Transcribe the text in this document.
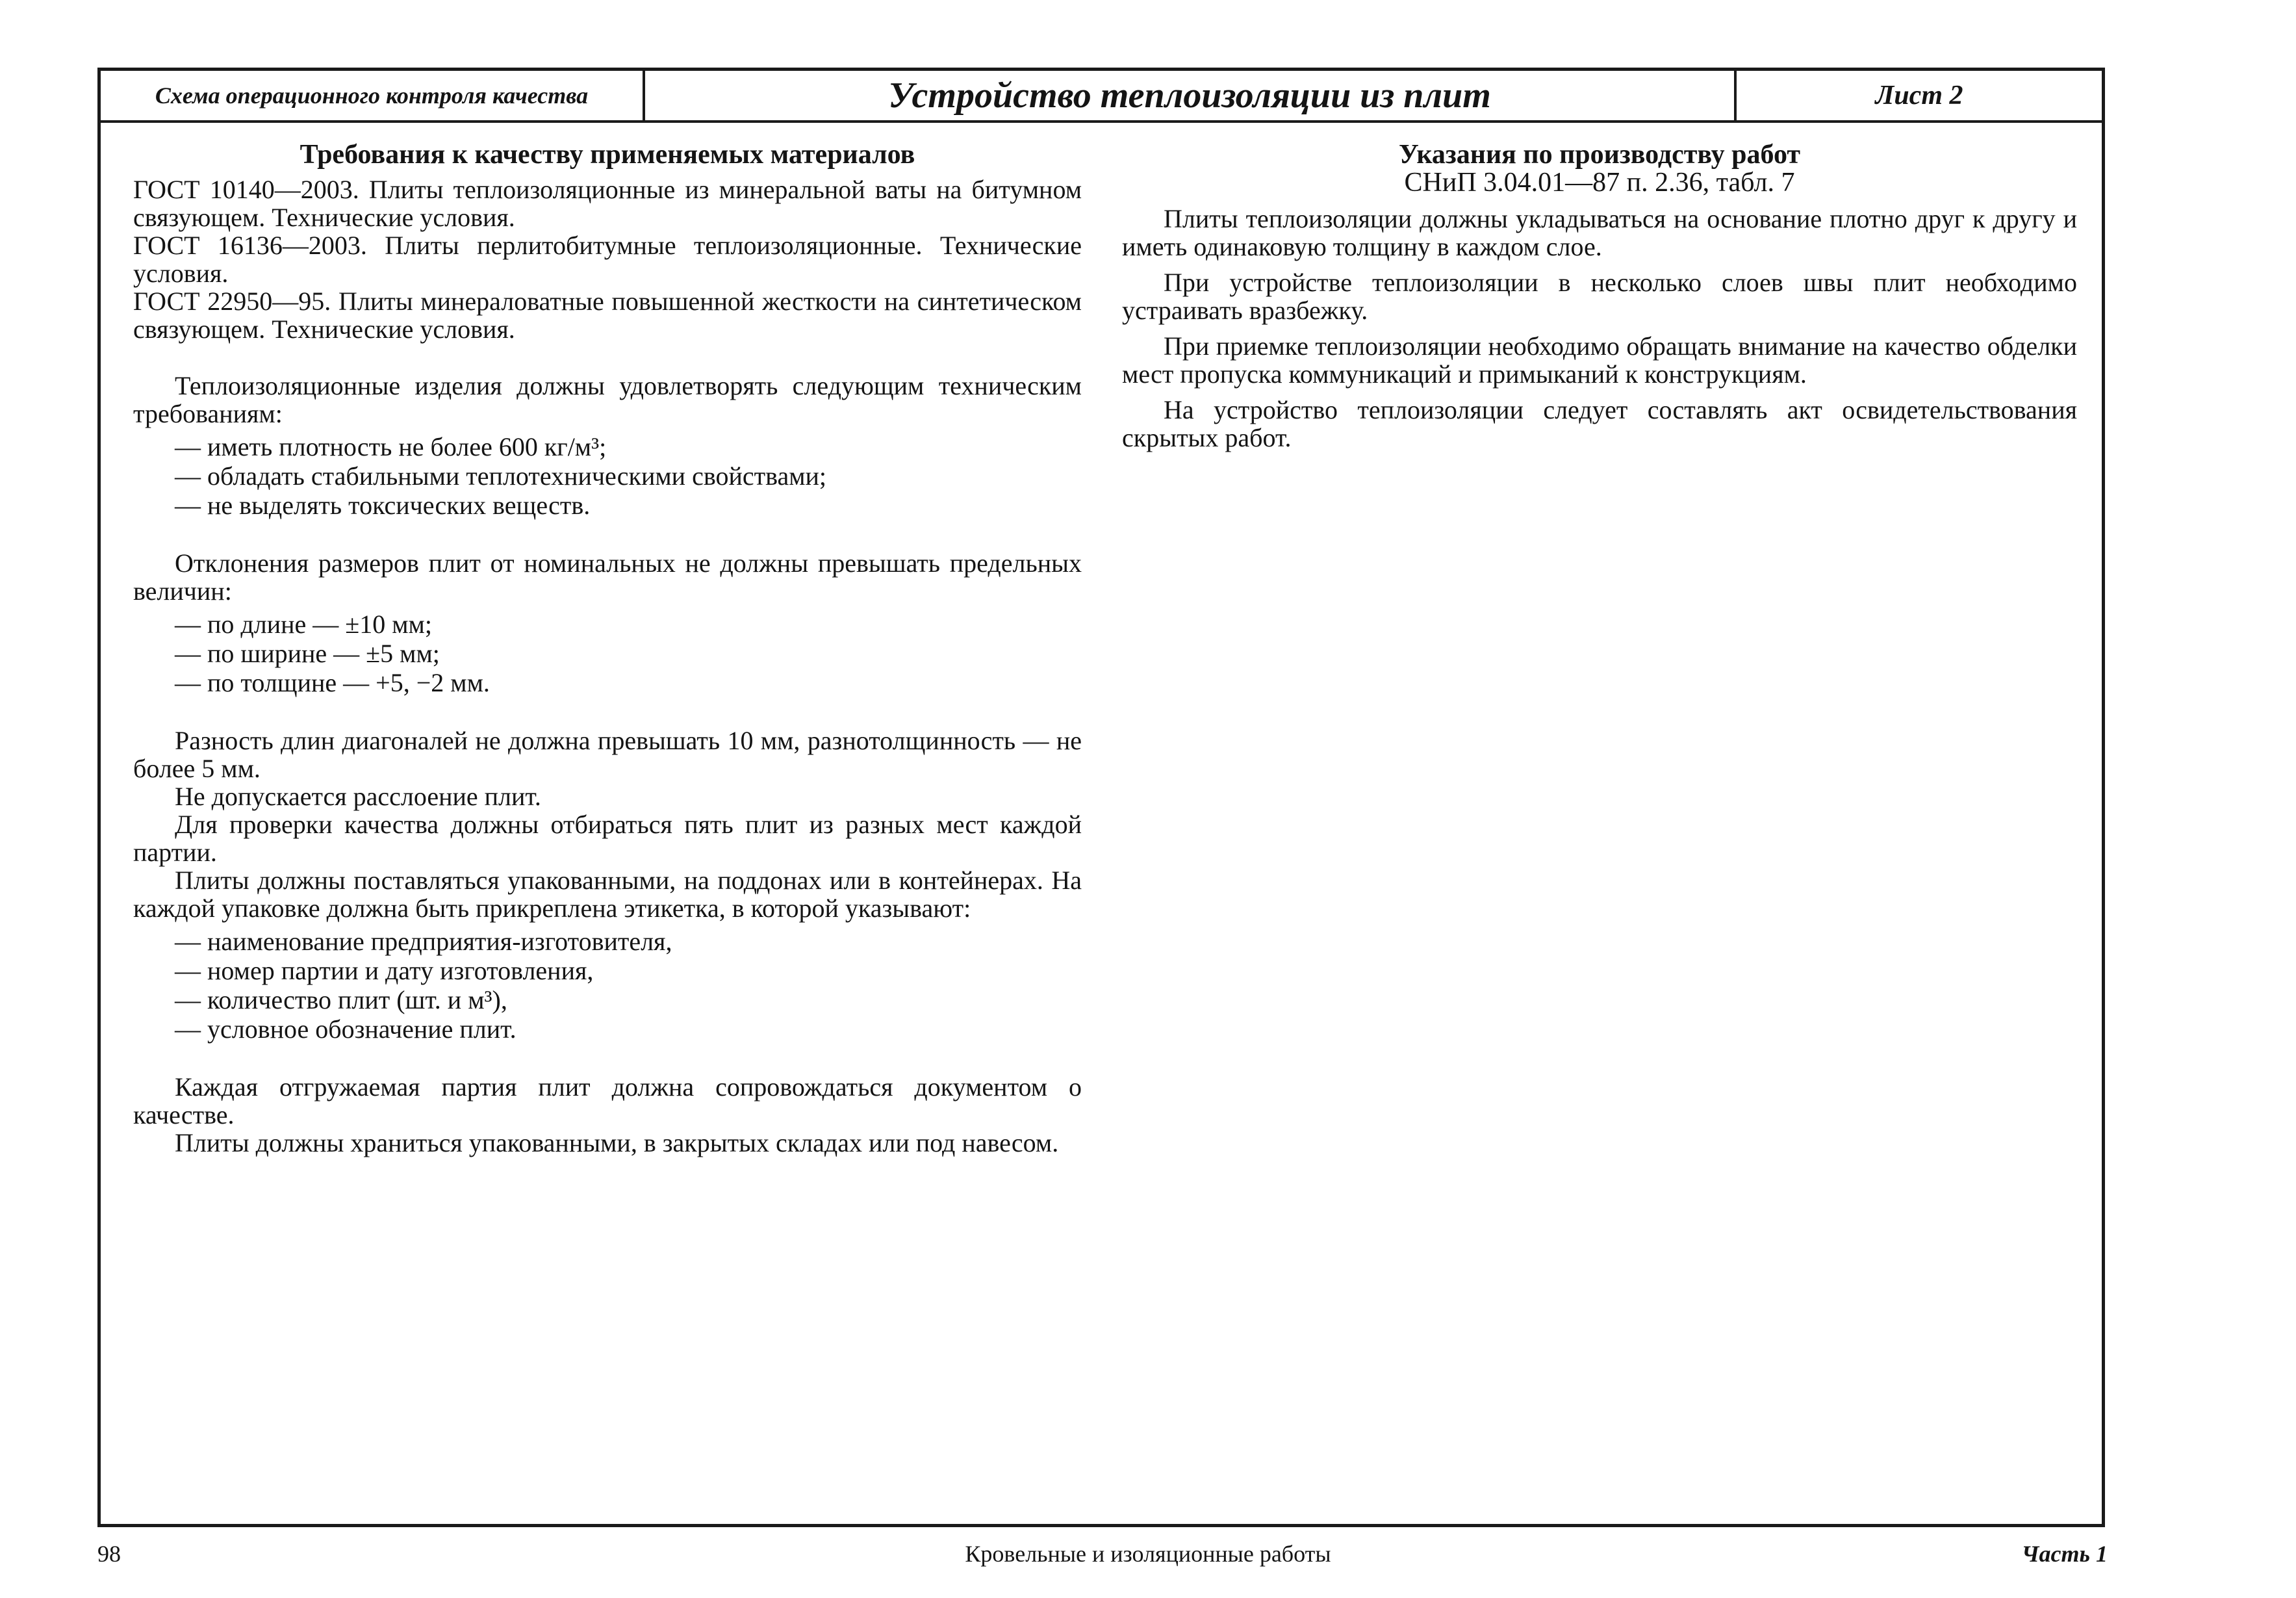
Схема операционного контроля качества	Устройство теплоизоляции из плит	Лист 2

Требования к качеству применяемых материалов

ГОСТ 10140—2003. Плиты теплоизоляционные из минеральной ваты на битумном связующем. Технические условия.

ГОСТ 16136—2003. Плиты перлитобитумные теплоизоляционные. Технические условия.

ГОСТ 22950—95. Плиты минераловатные повышенной жесткости на синтетическом связующем. Технические условия.

Теплоизоляционные изделия должны удовлетворять следующим техническим требованиям:

— иметь плотность не более 600 кг/м³;
— обладать стабильными теплотехническими свойствами;
— не выделять токсических веществ.

Отклонения размеров плит от номинальных не должны превышать предельных величин:

— по длине — ±10 мм;
— по ширине — ±5 мм;
— по толщине — +5, −2 мм.

Разность длин диагоналей не должна превышать 10 мм, разнотолщинность — не более 5 мм.

Не допускается расслоение плит.

Для проверки качества должны отбираться пять плит из разных мест каждой партии.

Плиты должны поставляться упакованными, на поддонах или в контейнерах. На каждой упаковке должна быть прикреплена этикетка, в которой указывают:

— наименование предприятия-изготовителя,
— номер партии и дату изготовления,
— количество плит (шт. и м³),
— условное обозначение плит.

Каждая отгружаемая партия плит должна сопровождаться документом о качестве.

Плиты должны храниться упакованными, в закрытых складах или под навесом.

Указания по производству работ

СНиП 3.04.01—87 п. 2.36, табл. 7

Плиты теплоизоляции должны укладываться на основание плотно друг к другу и иметь одинаковую толщину в каждом слое.

При устройстве теплоизоляции в несколько слоев швы плит необходимо устраивать вразбежку.

При приемке теплоизоляции необходимо обращать внимание на качество обделки мест пропуска коммуникаций и примыканий к конструкциям.

На устройство теплоизоляции следует составлять акт освидетельствования скрытых работ.

98	Кровельные и изоляционные работы	Часть 1
